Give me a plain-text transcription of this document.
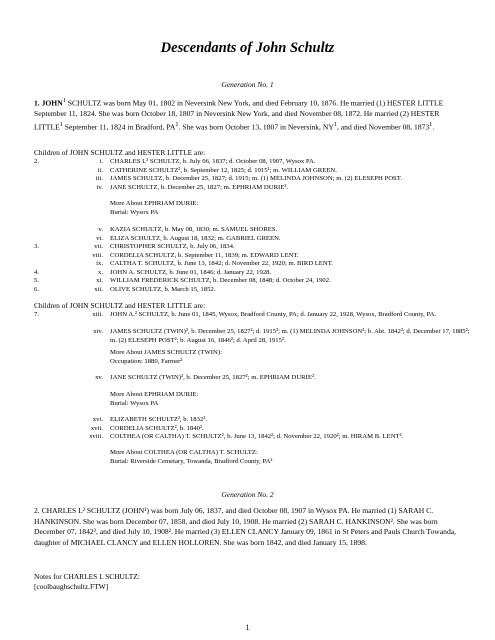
Descendants of John Schultz
Generation No. 1

1. JOHN$^1$ SCHULTZ was born May 01, 1802 in Neversink New York, and died February 10, 1876. He married (1) HESTER LITTLE September 11, 1824. She was born October 18, 1807 in Neversink New York, and died November 08, 1872. He married (2) HESTER LITTLE$^1$ September 11, 1824 in Bradford, $PA^1$. She was born October 13, 1807 in Neversink, $NY^1$, and died November 08, 1873$^1$.

Children of JOHN SCHULTZ and HESTER LITTLE are:
2.	i. CHARLES L² SCHULTZ, b. July 06, 1837; d. October 08, 1907, Wysox PA.
ii. CATHERINE SCHULTZ², b. September 12, 1825; d. 1915¹; m. WILLIAM GREEN.
iii. JAMES SCHULTZ, b. December 25, 1827; d. 1915; m. (1) MELINDA JOHNSON; m. (2) ELESEPH POST.
iv. JANE SCHULTZ, b. December 25, 1827; m. EPHRIAM DURIE².
More About EPHRIAM DURIE:
Burial: Wysox PA
v. KAZIA SCHULTZ, b. May 08, 1830; m. SAMUEL SHORES.
vi. ELIZA SCHULTZ, b. August 18, 1832; m. GABRIEL GREEN.
3.	vii. CHRISTOPHER SCHULTZ, b. July 06, 1834.
viii. CORDELIA SCHULTZ, b. September 11, 1839; m. EDWARD LENT.
ix. CALTHA T. SCHULTZ, b. June 13, 1842; d. November 22, 1920; m. BIRD LENT.
4.	x. JOHN A. SCHULTZ, b. June 01, 1846; d. January 22, 1928.
5.	xi. WILLIAM FREDERICK SCHULTZ, b. December 08, 1848; d. October 24, 1902.
6.	xii. OLIVE SCHULTZ, b. March 15, 1852.
Children of JOHN SCHULTZ and HESTER LITTLE are:
7.	xiii. JOHN A.² SCHULTZ, b. June 01, 1845, Wysox, Bradford County, PA; d. January 22, 1928, Wysox, Bradford County, PA.
xiv. JAMES SCHULTZ (TWIN)², b. December 25, 1827²; d. 1915²; m. (1) MELINDA JOHNSON²; b. Abt. 1842²; d. December 17, 1885²; m. (2) ELESEPH POST²; b. August 16, 1846²; d. April 28, 1915².
More About JAMES SCHULTZ (TWIN):
Occupation: 1880, Farmer²
xv. JANE SCHULTZ (TWIN)², b. December 25, 1827²; m. EPHRIAM DURIE².
More About EPHRIAM DURIE:
Burial: Wysox PA
xvi. ELIZABETH SCHULTZ², b. 1832².
xvii. CORDELIA SCHULTZ², b. 1840².
xviii. COLTHEA (OR CALTHA) T. SCHULTZ², b. June 13, 1842²; d. November 22, 1920²; m. HIRAM B. LENT².
More About COLTHEA (OR CALTHA) T. SCHULTZ:
Burial: Riverside Cemetary, Towanda, Bradford County, PA²
Generation No. 2

2. CHARLES L² SCHULTZ (JOHN¹) was born July 06, 1837, and died October 08, 1907 in Wysox PA. He married (1) SARAH C. HANKINSON. She was born December 07, 1858, and died July 10, 1908. He married (2) SARAH C. HANKINSON². She was born December 07, 1842², and died July 10, 1908². He married (3) ELLEN CLANCY January 09, 1861 in St Peters and Pauls Church Towanda, daughter of MICHAEL CLANCY and ELLEN HOLLOREN. She was born 1842, and died January 15, 1898.

Notes for CHARLES L SCHULTZ:
[coolbaughschultz.FTW]
1
